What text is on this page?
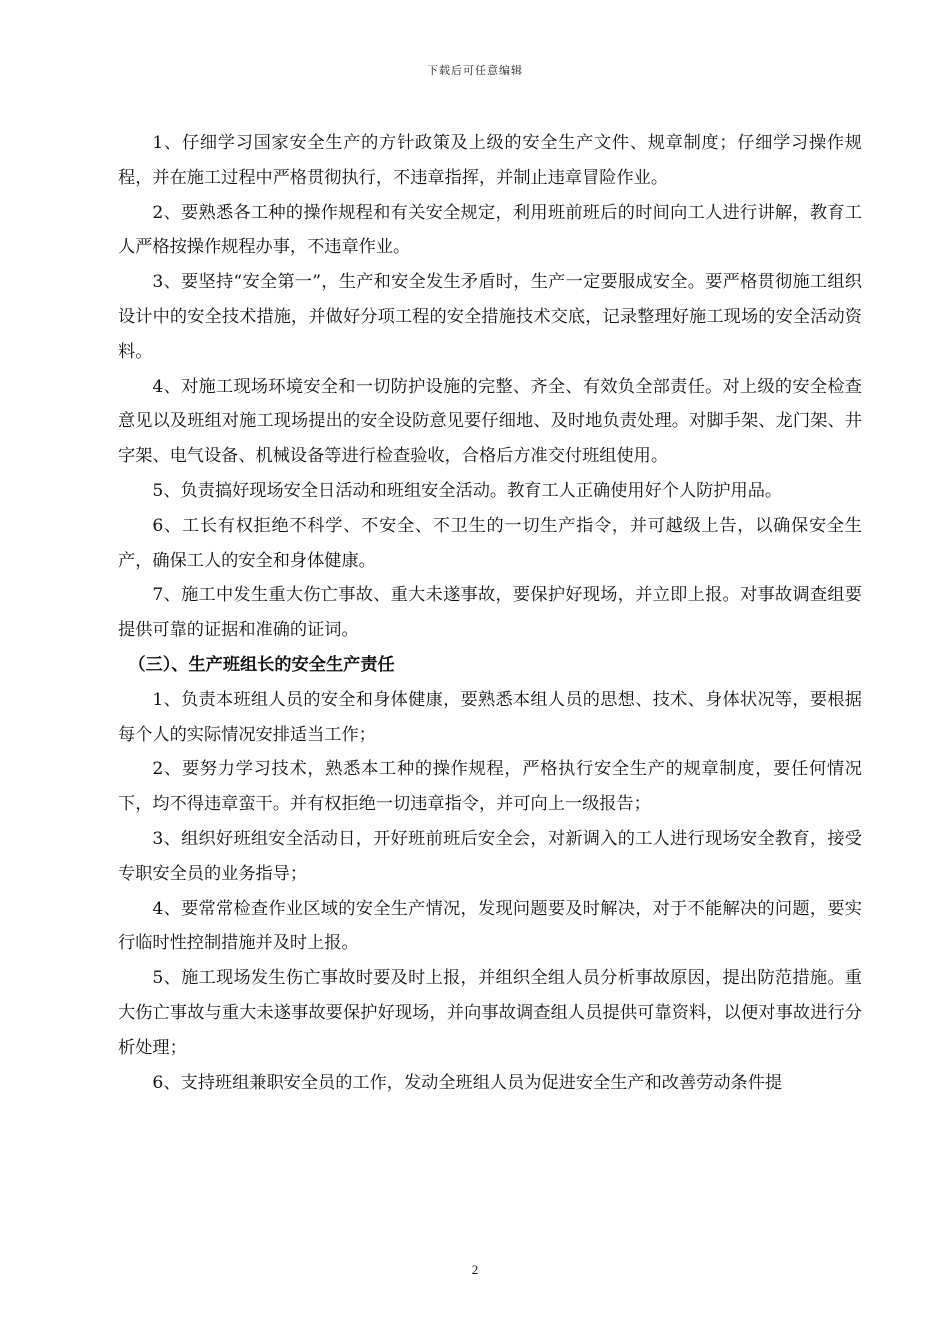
下载后可任意编辑

1、仔细学习国家安全生产的方针政策及上级的安全生产文件、规章制度；仔细学习操作规程，并在施工过程中严格贯彻执行，不违章指挥，并制止违章冒险作业。

2、要熟悉各工种的操作规程和有关安全规定，利用班前班后的时间向工人进行讲解，教育工人严格按操作规程办事，不违章作业。

3、要坚持“安全第一”，生产和安全发生矛盾时，生产一定要服成安全。要严格贯彻施工组织设计中的安全技术措施，并做好分项工程的安全措施技术交底，记录整理好施工现场的安全活动资料。

4、对施工现场环境安全和一切防护设施的完整、齐全、有效负全部责任。对上级的安全检查意见以及班组对施工现场提出的安全设防意见要仔细地、及时地负责处理。对脚手架、龙门架、井字架、电气设备、机械设备等进行检查验收，合格后方准交付班组使用。

5、负责搞好现场安全日活动和班组安全活动。教育工人正确使用好个人防护用品。

6、工长有权拒绝不科学、不安全、不卫生的一切生产指令，并可越级上告，以确保安全生产，确保工人的安全和身体健康。

7、施工中发生重大伤亡事故、重大未遂事故，要保护好现场，并立即上报。对事故调查组要提供可靠的证据和准确的证词。

（三）、生产班组长的安全生产责任

1、负责本班组人员的安全和身体健康，要熟悉本组人员的思想、技术、身体状况等，要根据每个人的实际情况安排适当工作；

2、要努力学习技术，熟悉本工种的操作规程，严格执行安全生产的规章制度，要任何情况下，均不得违章蛮干。并有权拒绝一切违章指令，并可向上一级报告；

3、组织好班组安全活动日，开好班前班后安全会，对新调入的工人进行现场安全教育，接受专职安全员的业务指导；

4、要常常检查作业区域的安全生产情况，发现问题要及时解决，对于不能解决的问题，要实行临时性控制措施并及时上报。

5、施工现场发生伤亡事故时要及时上报，并组织全组人员分析事故原因，提出防范措施。重大伤亡事故与重大未遂事故要保护好现场，并向事故调查组人员提供可靠资料，以便对事故进行分析处理；

6、支持班组兼职安全员的工作，发动全班组人员为促进安全生产和改善劳动条件提

2
